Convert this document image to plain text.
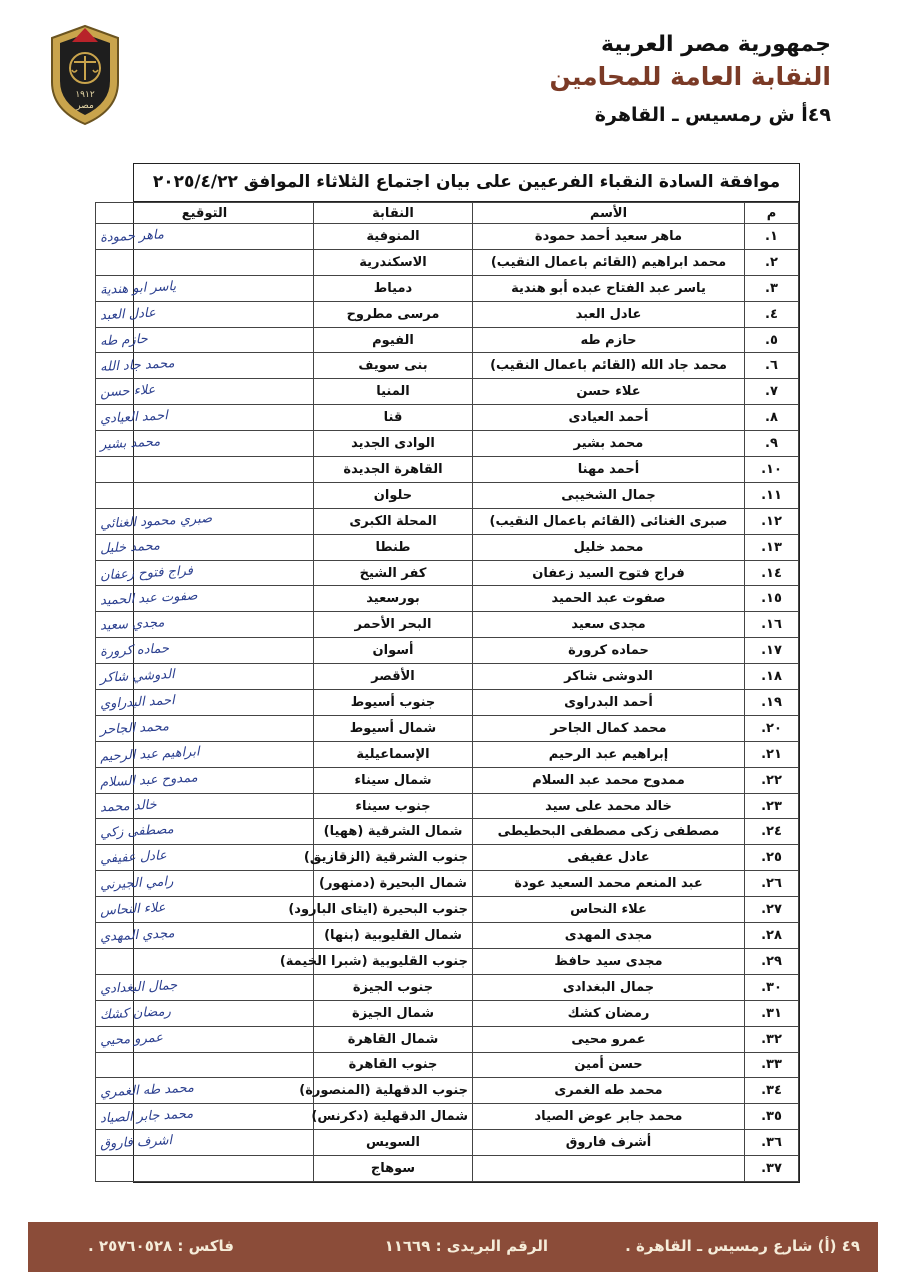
١٩١٢
مصر
جمهورية مصر العربية
النقابة العامة للمحامين
٤٩أ ش رمسيس ـ القاهرة
موافقة السادة النقباء الفرعيين على بيان اجتماع الثلاثاء الموافق ٢٠٢٥/٤/٢٢
م	الأسم	النقابة	التوقيع
١.	ماهر سعيد أحمد حمودة	المنوفية	ماهر حمودة
٢.	محمد ابراهيم (القائم باعمال النقيب)	الاسكندرية	
٣.	ياسر عبد الفتاح عبده أبو هندية	دمياط	ياسر ابو هندية
٤.	عادل العبد	مرسى مطروح	عادل العبد
٥.	حازم طه	الفيوم	حازم طه
٦.	محمد جاد الله (القائم باعمال النقيب)	بنى سويف	محمد جاد الله
٧.	علاء حسن	المنيا	علاء حسن
٨.	أحمد العيادى	قنا	احمد العيادي
٩.	محمد بشير	الوادى الجديد	محمد بشير
١٠.	أحمد مهنا	القاهرة الجديدة	
١١.	جمال الشخيبى	حلوان	
١٢.	صبرى الغنائى (القائم باعمال النقيب)	المحلة الكبرى	صبري محمود الغنائي
١٣.	محمد خليل	طنطا	محمد خليل
١٤.	فراج فتوح السيد زعفان	كفر الشيخ	فراج فتوح زعفان
١٥.	صفوت عبد الحميد	بورسعيد	صفوت عبد الحميد
١٦.	مجدى سعيد	البحر الأحمر	مجدي سعيد
١٧.	حماده كرورة	أسوان	حماده كرورة
١٨.	الدوشى شاكر	الأقصر	الدوشي شاكر
١٩.	أحمد البدراوى	جنوب أسيوط	احمد البدراوي
٢٠.	محمد كمال الجاحر	شمال أسيوط	محمد الجاحر
٢١.	إبراهيم عبد الرحيم	الإسماعيلية	ابراهيم عبد الرحيم
٢٢.	ممدوح محمد عبد السلام	شمال سيناء	ممدوح عبد السلام
٢٣.	خالد محمد على سيد	جنوب سيناء	خالد محمد
٢٤.	مصطفى زكى مصطفى البحطيطى	شمال الشرقية (ههيا)	مصطفى زكي
٢٥.	عادل عفيفى	جنوب الشرقية (الزقازيق)	عادل عفيفي
٢٦.	عبد المنعم محمد السعيد عودة	شمال البحيرة (دمنهور)	رامي الجيرني
٢٧.	علاء النحاس	جنوب البحيرة (ايتاى البارود)	علاء النحاس
٢٨.	مجدى المهدى	شمال القليوبية (بنها)	مجدي المهدي
٢٩.	مجدى سيد حافظ	جنوب القليوبية (شبرا الخيمة)	
٣٠.	جمال البغدادى	جنوب الجيزة	جمال البغدادي
٣١.	رمضان كشك	شمال الجيزة	رمضان كشك
٣٢.	عمرو محيى	شمال القاهرة	عمرو محيي
٣٣.	حسن أمين	جنوب القاهرة	
٣٤.	محمد طه الغمرى	جنوب الدقهلية (المنصورة)	محمد طه الغمري
٣٥.	محمد جابر عوض الصياد	شمال الدقهلية (دكرنس)	محمد جابر الصياد
٣٦.	أشرف فاروق	السويس	اشرف فاروق
٣٧.		سوهاج	
٤٩ (أ) شارع رمسيس ـ القاهرة .
الرقم البريدى : ١١٦٦٩
فاكس : ٢٥٧٦٠٥٢٨ .
